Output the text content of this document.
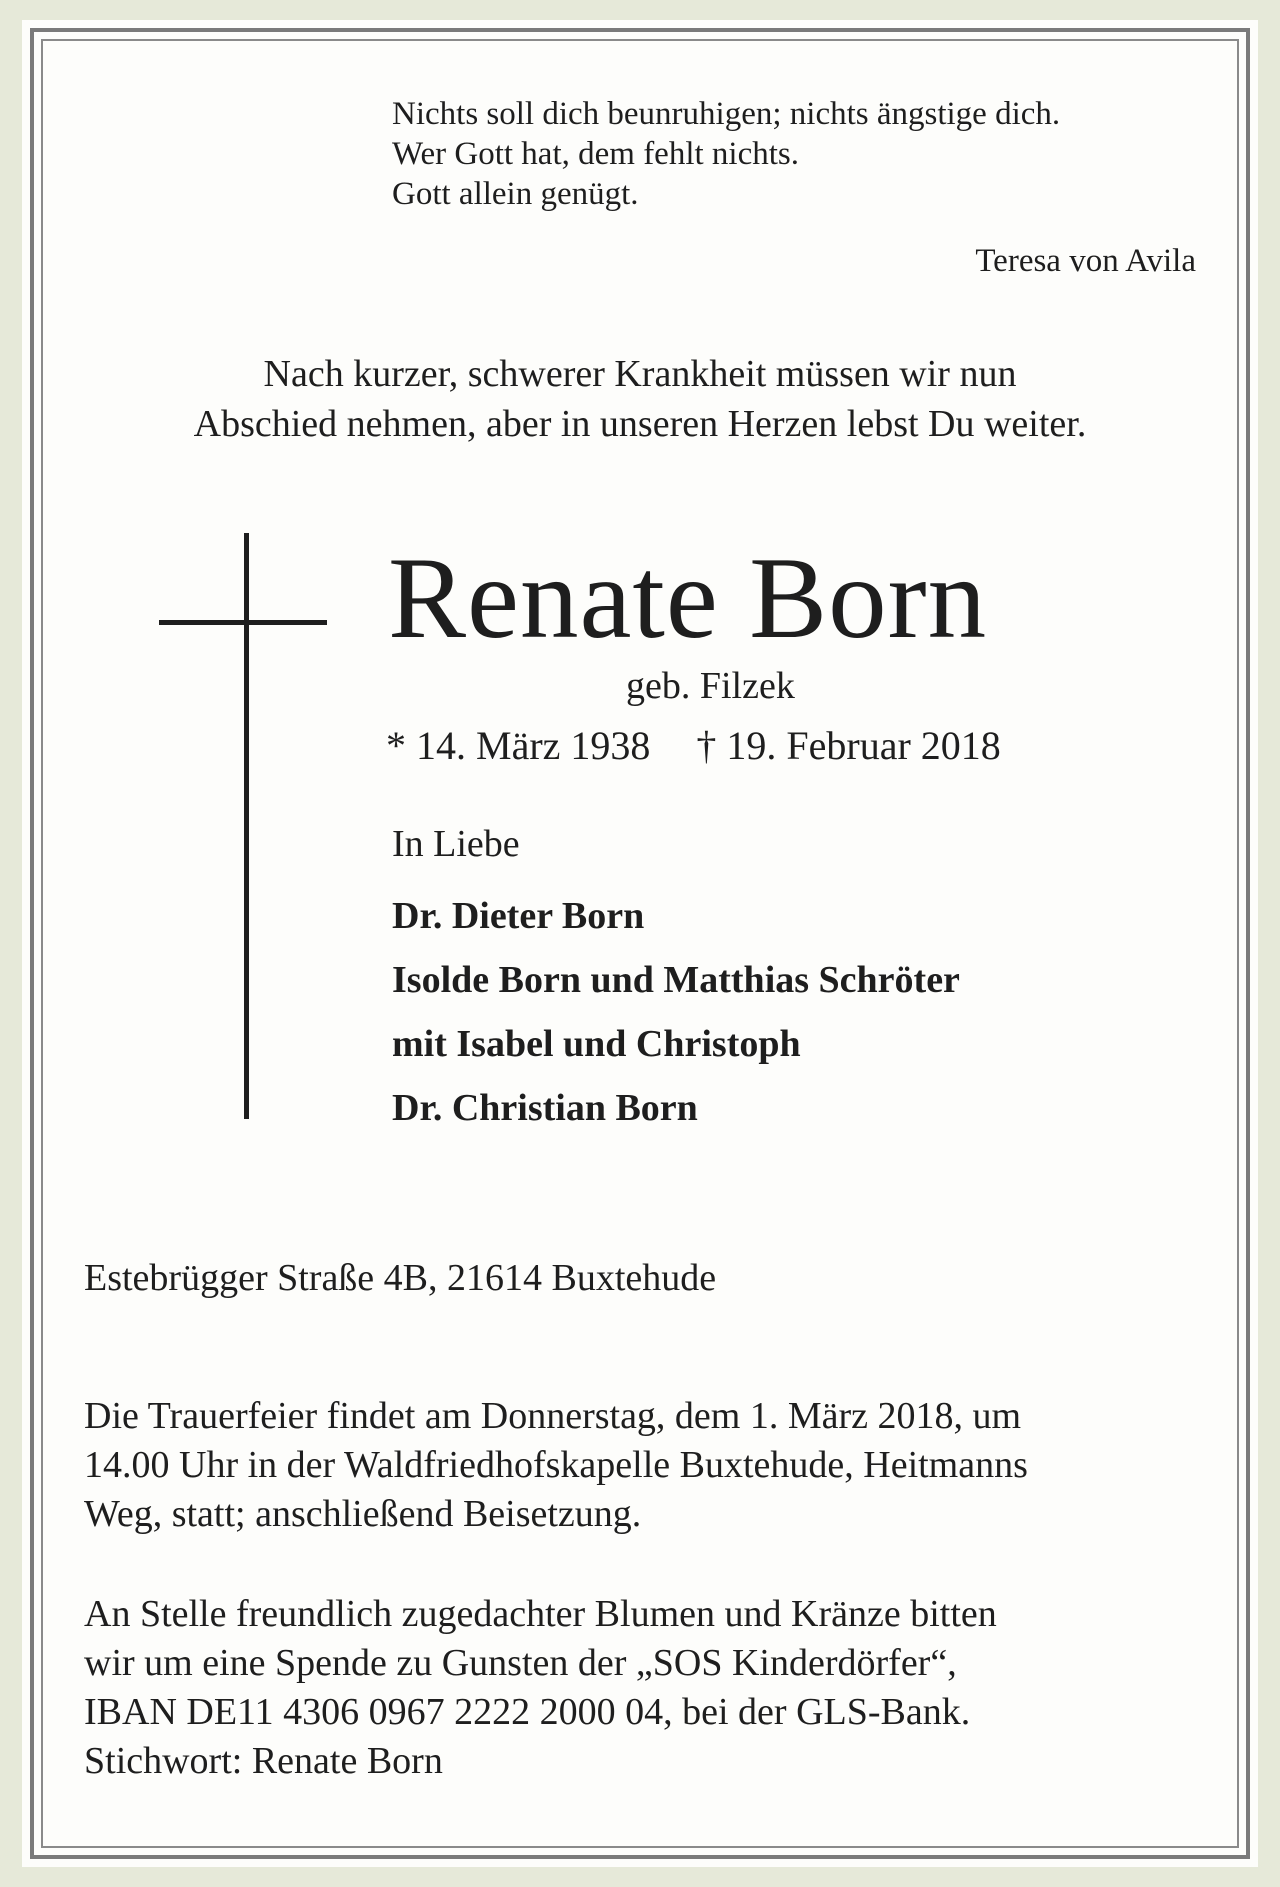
Nichts soll dich beunruhigen; nichts ängstige dich.
Wer Gott hat, dem fehlt nichts.
Gott allein genügt.
Teresa von Avila
Nach kurzer, schwerer Krankheit müssen wir nun
Abschied nehmen, aber in unseren Herzen lebst Du weiter.
Renate Born
geb. Filzek
* 14. März 1938 † 19. Februar 2018
In Liebe
Dr. Dieter Born
Isolde Born und Matthias Schröter
mit Isabel und Christoph
Dr. Christian Born
Estebrügger Straße 4B, 21614 Buxtehude
Die Trauerfeier findet am Donnerstag, dem 1. März 2018, um
14.00 Uhr in der Waldfriedhofskapelle Buxtehude, Heitmanns
Weg, statt; anschließend Beisetzung.
An Stelle freundlich zugedachter Blumen und Kränze bitten
wir um eine Spende zu Gunsten der „SOS Kinderdörfer“,
IBAN DE11 4306 0967 2222 2000 04, bei der GLS-Bank.
Stichwort: Renate Born
